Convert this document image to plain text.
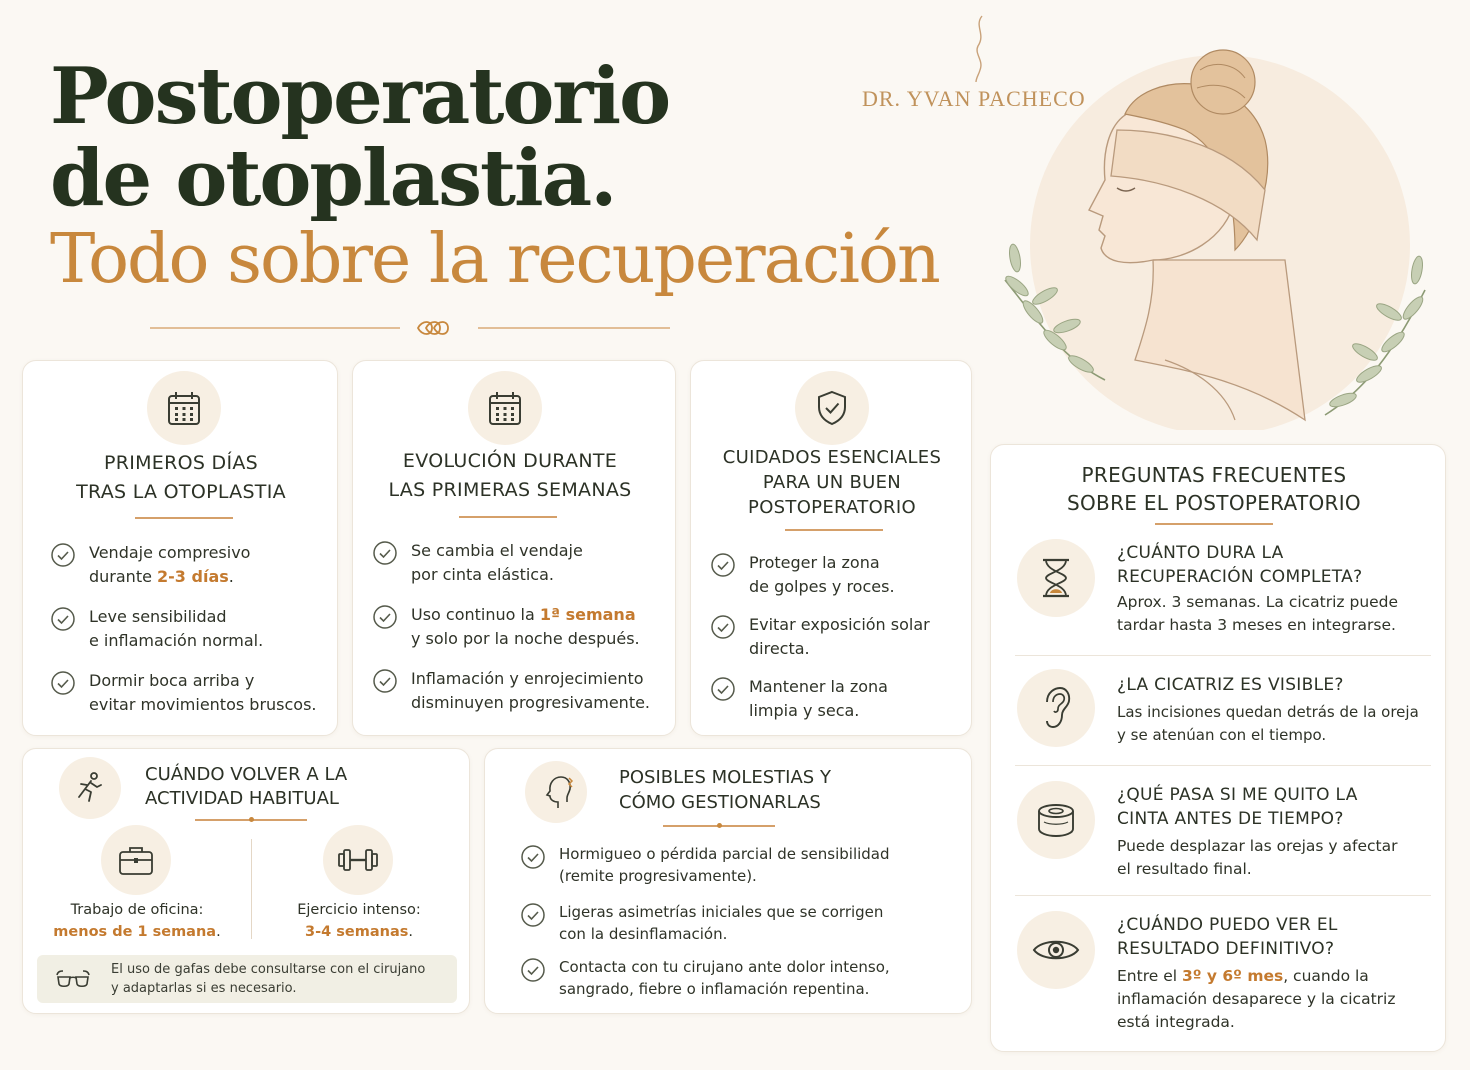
Postoperatorio
de otoplastia.
Todo sobre la recuperación
DR. YVAN PACHECO
PRIMEROS DÍAS
TRAS LA OTOPLASTIA
Vendaje compresivo
durante 2-3 días.
Leve sensibilidad
e inflamación normal.
Dormir boca arriba y
evitar movimientos bruscos.
EVOLUCIÓN DURANTE
LAS PRIMERAS SEMANAS
Se cambia el vendaje
por cinta elástica.
Uso continuo la 1ª semana
y solo por la noche después.
Inflamación y enrojecimiento
disminuyen progresivamente.
CUIDADOS ESENCIALES
PARA UN BUEN
POSTOPERATORIO
Proteger la zona
de golpes y roces.
Evitar exposición solar
directa.
Mantener la zona
limpia y seca.
CUÁNDO VOLVER A LA
ACTIVIDAD HABITUAL
Trabajo de oficina:
menos de 1 semana.
Ejercicio intenso:
3-4 semanas.
El uso de gafas debe consultarse con el cirujano
y adaptarlas si es necesario.
POSIBLES MOLESTIAS Y
CÓMO GESTIONARLAS
Hormigueo o pérdida parcial de sensibilidad
(remite progresivamente).
Ligeras asimetrías iniciales que se corrigen
con la desinflamación.
Contacta con tu cirujano ante dolor intenso,
sangrado, fiebre o inflamación repentina.
PREGUNTAS FRECUENTES
SOBRE EL POSTOPERATORIO
¿CUÁNTO DURA LA
RECUPERACIÓN COMPLETA?
Aprox. 3 semanas. La cicatriz puede
tardar hasta 3 meses en integrarse.
¿LA CICATRIZ ES VISIBLE?
Las incisiones quedan detrás de la oreja
y se atenúan con el tiempo.
¿QUÉ PASA SI ME QUITO LA
CINTA ANTES DE TIEMPO?
Puede desplazar las orejas y afectar
el resultado final.
¿CUÁNDO PUEDO VER EL
RESULTADO DEFINITIVO?
Entre el 3º y 6º mes, cuando la
inflamación desaparece y la cicatriz
está integrada.
